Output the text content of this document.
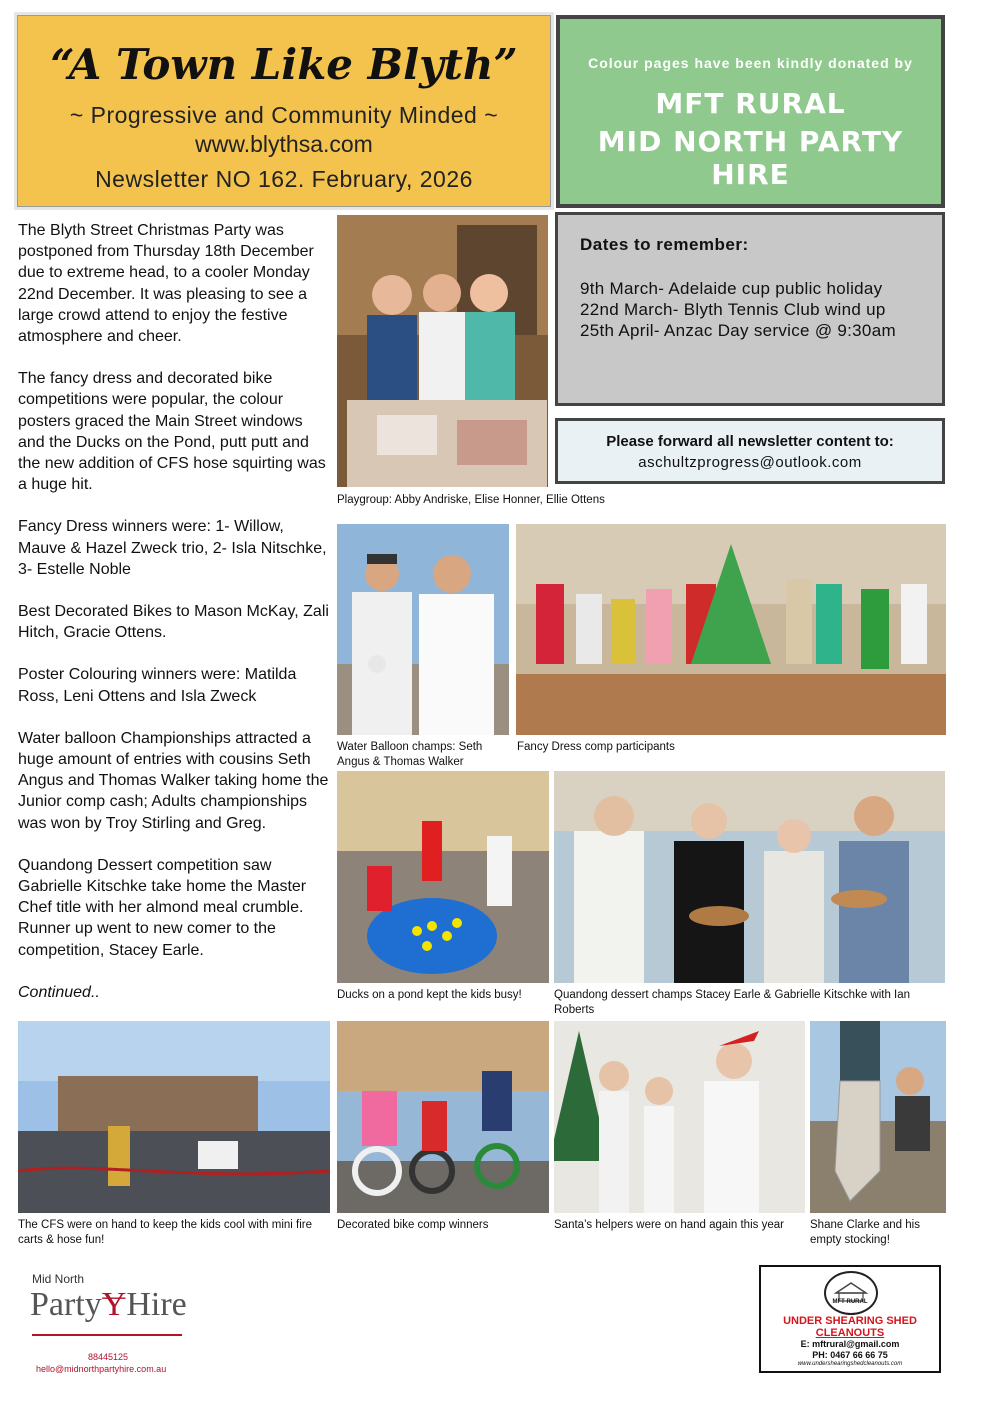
“A Town Like Blyth”
~ Progressive and Community Minded ~
www.blythsa.com
Newsletter NO 162. February, 2026
Colour pages have been kindly donated by
MFT RURAL
MID NORTH PARTY HIRE

The Blyth Street Christmas Party was postponed from Thursday 18th December due to extreme head, to a cooler Monday 22nd December. It was pleasing to see a large crowd attend to enjoy the festive atmosphere and cheer.

The fancy dress and decorated bike competitions were popular, the colour posters graced the Main Street windows and the Ducks on the Pond, putt putt and the new addition of CFS hose squirting was a huge hit.

Fancy Dress winners were: 1- Willow, Mauve & Hazel Zweck trio, 2- Isla Nitschke, 3- Estelle Noble

Best Decorated Bikes to Mason McKay, Zali Hitch, Gracie Ottens.

Poster Colouring winners were: Matilda Ross, Leni Ottens and Isla Zweck

Water balloon Championships attracted a huge amount of entries with cousins Seth Angus and Thomas Walker taking home the Junior comp cash; Adults championships was won by Troy Stirling and Greg.

Quandong Dessert competition saw Gabrielle Kitschke take home the Master Chef title with her almond meal crumble. Runner up went to new comer to the competition, Stacey Earle.

Continued..

Dates to remember:
9th March- Adelaide cup public holiday
22nd March- Blyth Tennis Club wind up
25th April- Anzac Day service @ 9:30am
Please forward all newsletter content to:
aschultzprogress@outlook.com
Playgroup: Abby Andriske, Elise Honner, Ellie Ottens
Water Balloon champs: Seth Angus & Thomas Walker
Fancy Dress comp participants
Ducks on a pond kept the kids busy!	Quandong dessert champs Stacey Earle & Gabrielle Kitschke with Ian Roberts
The CFS were on hand to keep the kids cool with mini fire carts & hose fun!
Decorated bike comp winners	Santa’s helpers were on hand again this year	Shane Clarke and his empty stocking!
Mid North
PartyɎHire
88445125
hello@midnorthpartyhire.com.au
MFT RURAL
UNDER SHEARING SHED
CLEANOUTS
E: mftrural@gmail.com
PH: 0467 66 66 75
www.undershearingshedcleanouts.com
